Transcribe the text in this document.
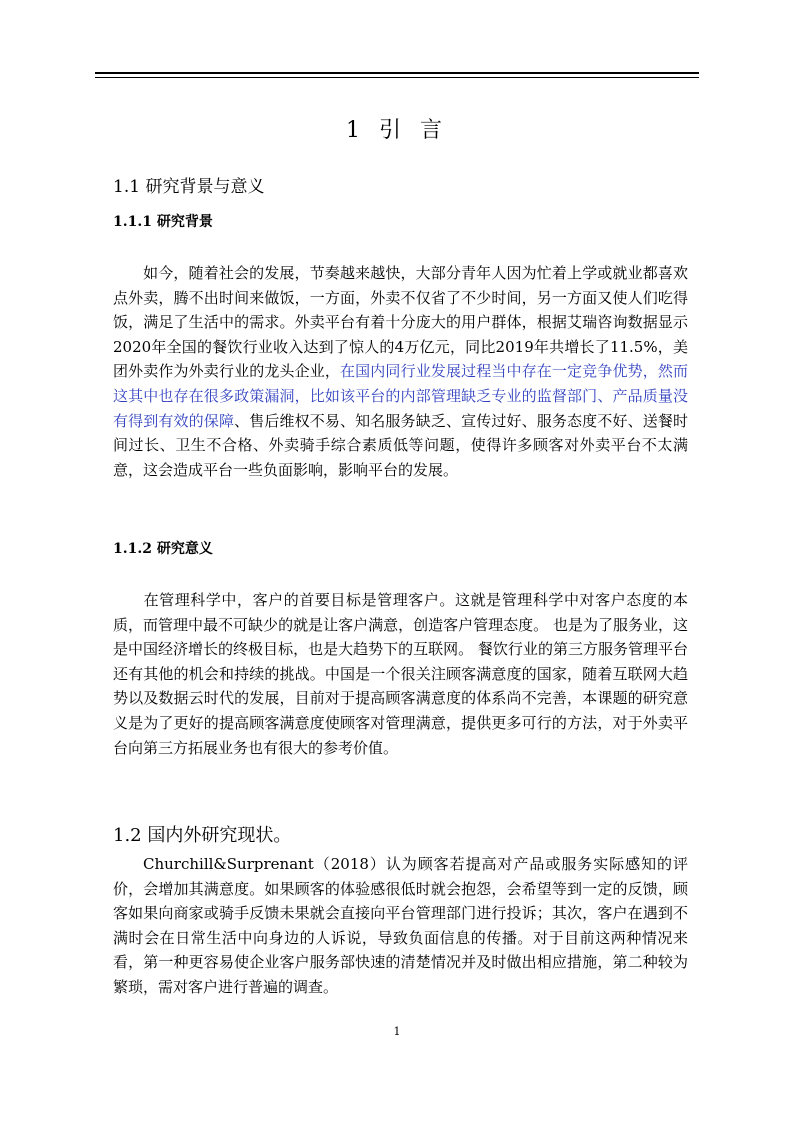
1 引 言
1.1 研究背景与意义
1.1.1 研究背景
如今，随着社会的发展，节奏越来越快，大部分青年人因为忙着上学或就业都喜欢点外卖，腾不出时间来做饭，一方面，外卖不仅省了不少时间，另一方面又使人们吃得饭，满足了生活中的需求。外卖平台有着十分庞大的用户群体，根据艾瑞咨询数据显示2020年全国的餐饮行业收入达到了惊人的4万亿元，同比2019年共增长了11.5%，美团外卖作为外卖行业的龙头企业，在国内同行业发展过程当中存在一定竞争优势，然而这其中也存在很多政策漏洞，比如该平台的内部管理缺乏专业的监督部门、产品质量没有得到有效的保障、售后维权不易、知名服务缺乏、宣传过好、服务态度不好、送餐时间过长、卫生不合格、外卖骑手综合素质低等问题，使得许多顾客对外卖平台不太满意，这会造成平台一些负面影响，影响平台的发展。
1.1.2 研究意义
在管理科学中，客户的首要目标是管理客户。这就是管理科学中对客户态度的本质，而管理中最不可缺少的就是让客户满意，创造客户管理态度。 也是为了服务业，这是中国经济增长的终极目标，也是大趋势下的互联网。 餐饮行业的第三方服务管理平台还有其他的机会和持续的挑战。中国是一个很关注顾客满意度的国家，随着互联网大趋势以及数据云时代的发展，目前对于提高顾客满意度的体系尚不完善，本课题的研究意义是为了更好的提高顾客满意度使顾客对管理满意，提供更多可行的方法，对于外卖平台向第三方拓展业务也有很大的参考价值。
1.2 国内外研究现状。
Churchill&Surprenant（2018）认为顾客若提高对产品或服务实际感知的评价，会增加其满意度。如果顾客的体验感很低时就会抱怨，会希望等到一定的反馈，顾客如果向商家或骑手反馈未果就会直接向平台管理部门进行投诉；其次，客户在遇到不满时会在日常生活中向身边的人诉说，导致负面信息的传播。对于目前这两种情况来看，第一种更容易使企业客户服务部快速的清楚情况并及时做出相应措施，第二种较为繁琐，需对客户进行普遍的调查。
1
